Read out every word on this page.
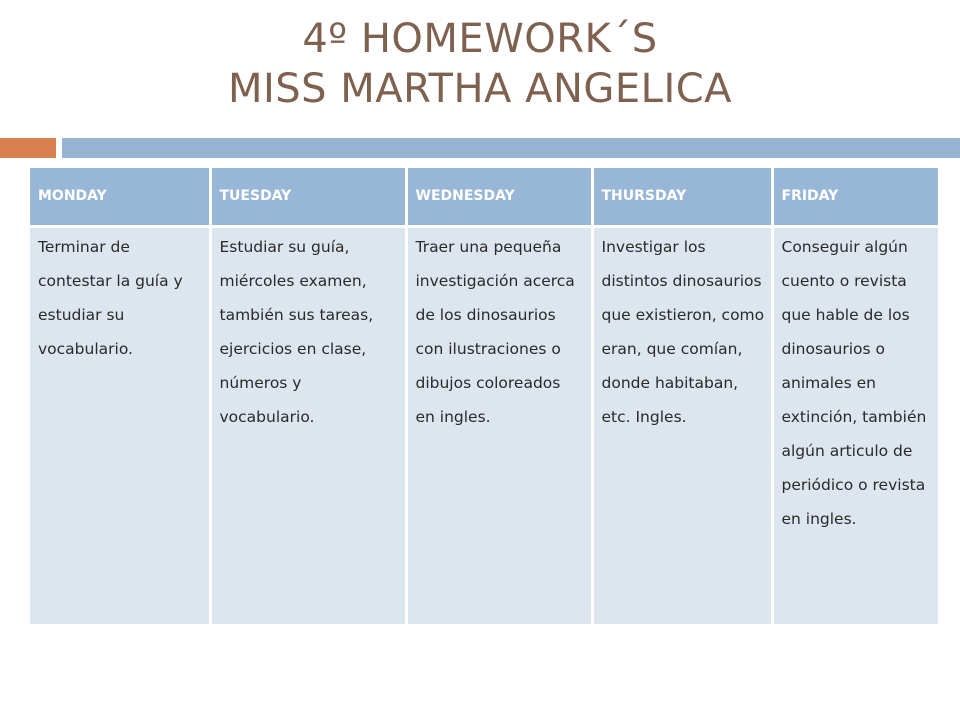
4º HOMEWORK´S
MISS MARTHA ANGELICA
MONDAY	TUESDAY	WEDNESDAY	THURSDAY	FRIDAY
Terminar de contestar la guía y estudiar su vocabulario.	Estudiar su guía, miércoles examen, también sus tareas, ejercicios en clase, números y vocabulario.	Traer una pequeña investigación acerca de los dinosaurios con ilustraciones o dibujos coloreados en ingles.	Investigar los distintos dinosaurios que existieron, como eran, que comían, donde habitaban, etc. Ingles.	Conseguir algún cuento o revista que hable de los dinosaurios o animales en extinción, también algún articulo de periódico o revista en ingles.
